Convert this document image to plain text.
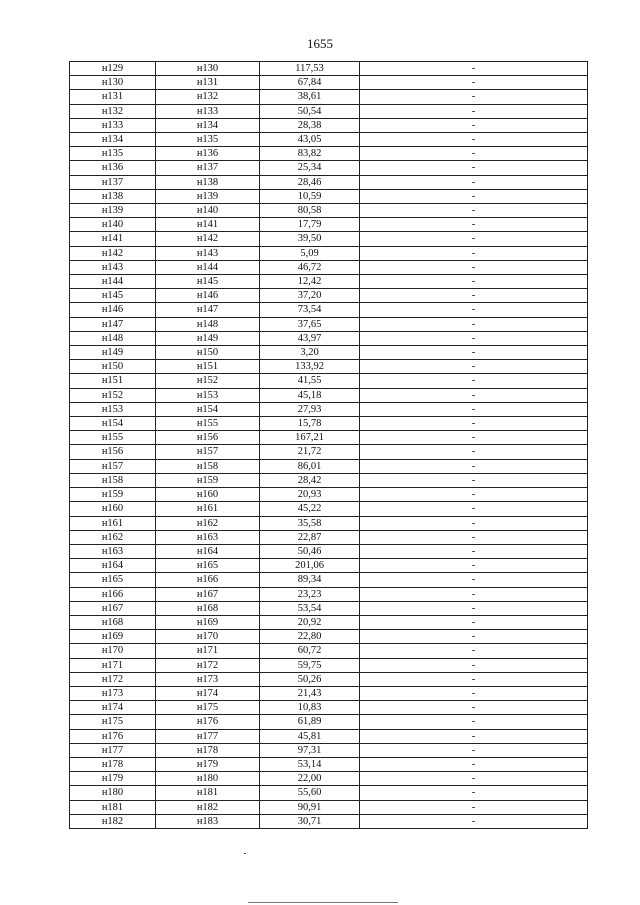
1655
н129	н130	117,53	-
н130	н131	67,84	-
н131	н132	38,61	-
н132	н133	50,54	-
н133	н134	28,38	-
н134	н135	43,05	-
н135	н136	83,82	-
н136	н137	25,34	-
н137	н138	28,46	-
н138	н139	10,59	-
н139	н140	80,58	-
н140	н141	17,79	-
н141	н142	39,50	-
н142	н143	5,09	-
н143	н144	46,72	-
н144	н145	12,42	-
н145	н146	37,20	-
н146	н147	73,54	-
н147	н148	37,65	-
н148	н149	43,97	-
н149	н150	3,20	-
н150	н151	133,92	-
н151	н152	41,55	-
н152	н153	45,18	-
н153	н154	27,93	-
н154	н155	15,78	-
н155	н156	167,21	-
н156	н157	21,72	-
н157	н158	86,01	-
н158	н159	28,42	-
н159	н160	20,93	-
н160	н161	45,22	-
н161	н162	35,58	-
н162	н163	22,87	-
н163	н164	50,46	-
н164	н165	201,06	-
н165	н166	89,34	-
н166	н167	23,23	-
н167	н168	53,54	-
н168	н169	20,92	-
н169	н170	22,80	-
н170	н171	60,72	-
н171	н172	59,75	-
н172	н173	50,26	-
н173	н174	21,43	-
н174	н175	10,83	-
н175	н176	61,89	-
н176	н177	45,81	-
н177	н178	97,31	-
н178	н179	53,14	-
н179	н180	22,00	-
н180	н181	55,60	-
н181	н182	90,91	-
н182	н183	30,71	-
